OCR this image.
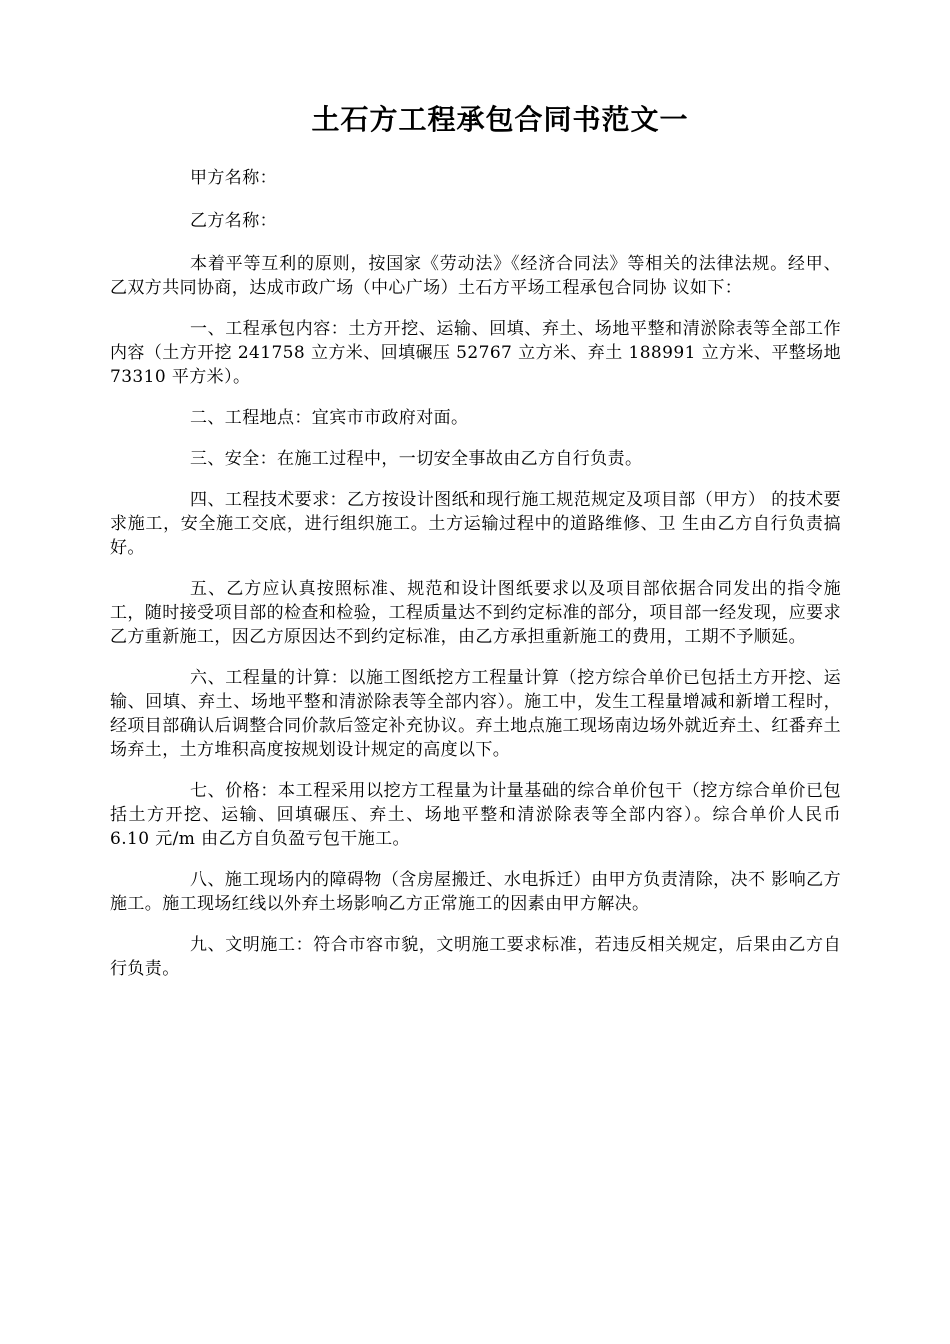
土石方工程承包合同书范文一

甲方名称：

乙方名称：

本着平等互利的原则，按国家《劳动法》《经济合同法》等相关的法律法规。经甲、乙双方共同协商，达成市政广场（中心广场）土石方平场工程承包合同协 议如下：

一、工程承包内容：土方开挖、运输、回填、弃土、场地平整和清淤除表等全部工作内容（土方开挖 241758 立方米、回填碾压 52767 立方米、弃土 188991 立方米、平整场地 73310 平方米）。

二、工程地点：宜宾市市政府对面。

三、安全：在施工过程中，一切安全事故由乙方自行负责。

四、工程技术要求：乙方按设计图纸和现行施工规范规定及项目部（甲方） 的技术要求施工，安全施工交底，进行组织施工。土方运输过程中的道路维修、卫 生由乙方自行负责搞好。

五、乙方应认真按照标准、规范和设计图纸要求以及项目部依据合同发出的指令施工，随时接受项目部的检查和检验，工程质量达不到约定标准的部分，项目部一经发现，应要求乙方重新施工，因乙方原因达不到约定标准，由乙方承担重新施工的费用，工期不予顺延。

六、工程量的计算：以施工图纸挖方工程量计算（挖方综合单价已包括土方开挖、运输、回填、弃土、场地平整和清淤除表等全部内容）。施工中，发生工程量增减和新增工程时，经项目部确认后调整合同价款后签定补充协议。弃土地点施工现场南边场外就近弃土、红番弃土场弃土，土方堆积高度按规划设计规定的高度以下。

七、价格：本工程采用以挖方工程量为计量基础的综合单价包干（挖方综合单价已包括土方开挖、运输、回填碾压、弃土、场地平整和清淤除表等全部内容）。综合单价人民币 6.10 元/m 由乙方自负盈亏包干施工。

八、施工现场内的障碍物（含房屋搬迁、水电拆迁）由甲方负责清除，决不 影响乙方施工。施工现场红线以外弃土场影响乙方正常施工的因素由甲方解决。

九、文明施工：符合市容市貌，文明施工要求标准，若违反相关规定，后果由乙方自行负责。
